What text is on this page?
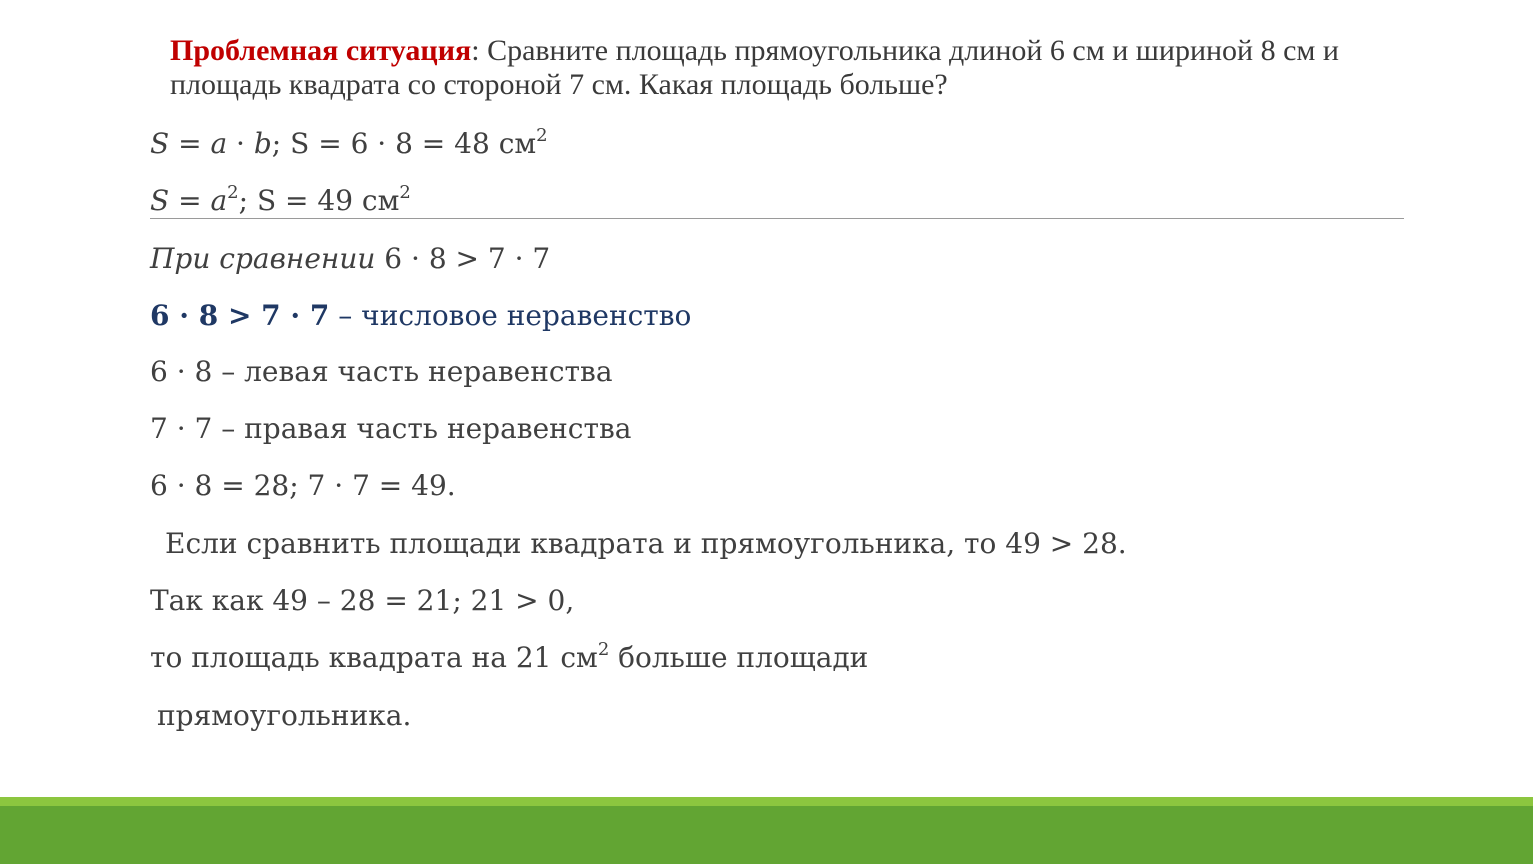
Проблемная ситуация: Сравните площадь прямоугольника длиной 6 см и шириной 8 см и площадь квадрата со стороной 7 см. Какая площадь больше?
S = a · b; S = 6 · 8 = 48 $см^2$
$S = a^2$; S = 49 $см^2$
При сравнении 6 · 8 > 7 · 7
6 · 8 > 7 · 7 – числовое неравенство
6 · 8 – левая часть неравенства
7 · 7 – правая часть неравенства
6 · 8 = 28; 7 · 7 = 49.
Если сравнить площади квадрата и прямоугольника, то 49 > 28.
Так как 49 – 28 = 21; 21 > 0,
то площадь квадрата на 21 $см^2$ больше площади
прямоугольника.
